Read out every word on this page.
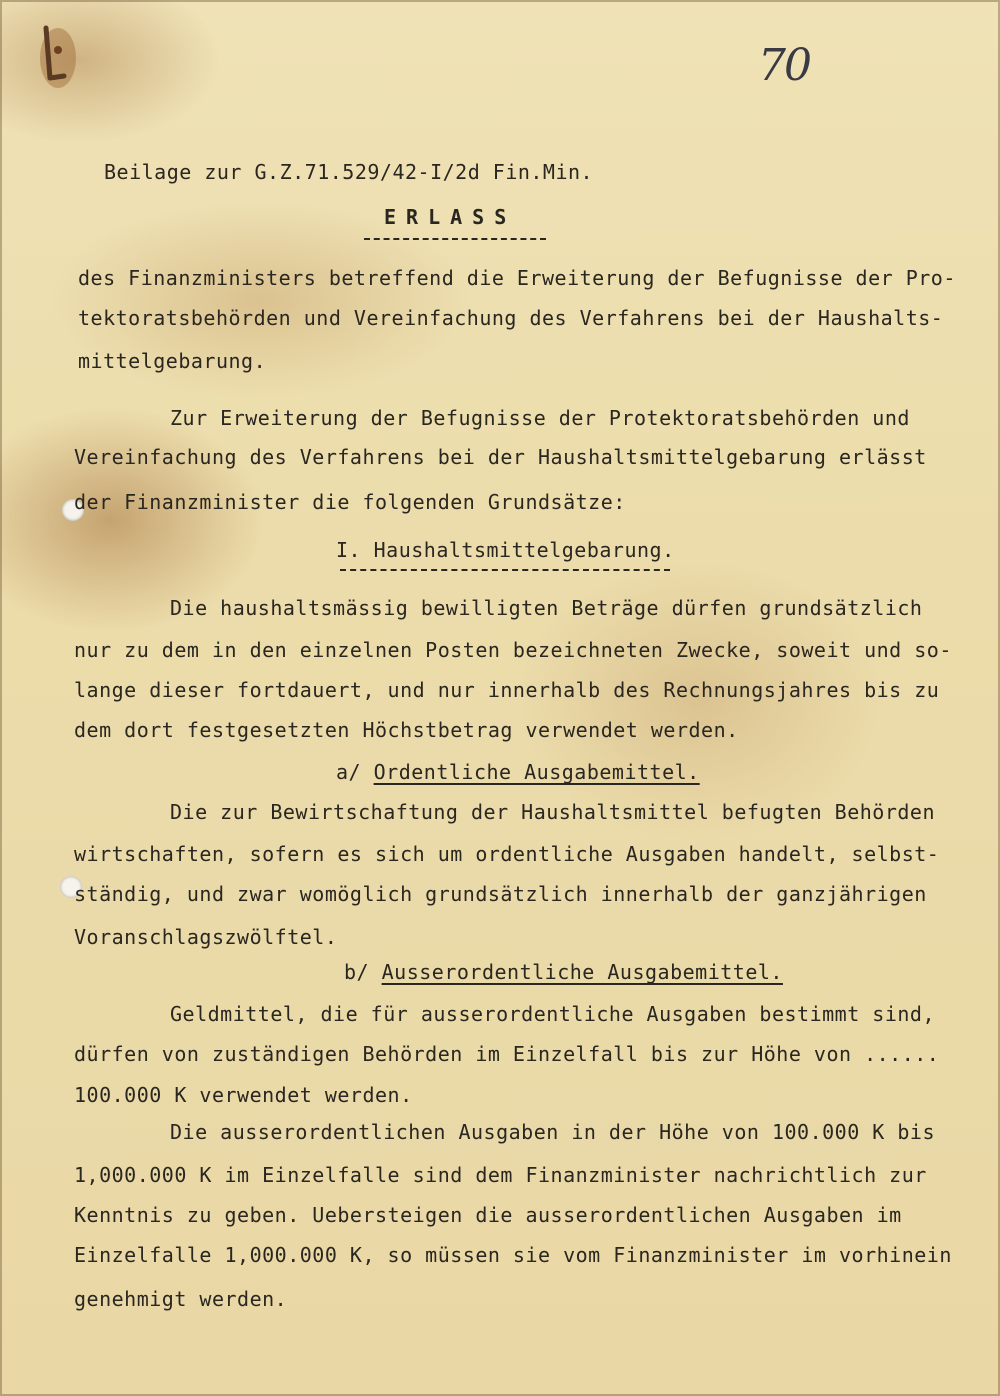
70
Beilage zur G.Z.71.529/42-I/2d Fin.Min.
ERLASS
des Finanzministers betreffend die Erweiterung der Befugnisse der Pro-
tektoratsbehörden und Vereinfachung des Verfahrens bei der Haushalts-
mittelgebarung.
Zur Erweiterung der Befugnisse der Protektoratsbehörden und
Vereinfachung des Verfahrens bei der Haushaltsmittelgebarung erlässt
der Finanzminister die folgenden Grundsätze:
I. Haushaltsmittelgebarung.
Die haushaltsmässig bewilligten Beträge dürfen grundsätzlich
nur zu dem in den einzelnen Posten bezeichneten Zwecke, soweit und so-
lange dieser fortdauert, und nur innerhalb des Rechnungsjahres bis zu
dem dort festgesetzten Höchstbetrag verwendet werden.
a/ Ordentliche Ausgabemittel.
Die zur Bewirtschaftung der Haushaltsmittel befugten Behörden
wirtschaften, sofern es sich um ordentliche Ausgaben handelt, selbst-
ständig, und zwar womöglich grundsätzlich innerhalb der ganzjährigen
Voranschlagszwölftel.
b/ Ausserordentliche Ausgabemittel.
Geldmittel, die für ausserordentliche Ausgaben bestimmt sind,
dürfen von zuständigen Behörden im Einzelfall bis zur Höhe von ......
100.000 K verwendet werden.
Die ausserordentlichen Ausgaben in der Höhe von 100.000 K bis
1,000.000 K im Einzelfalle sind dem Finanzminister nachrichtlich zur
Kenntnis zu geben. Uebersteigen die ausserordentlichen Ausgaben im
Einzelfalle 1,000.000 K, so müssen sie vom Finanzminister im vorhinein
genehmigt werden.
